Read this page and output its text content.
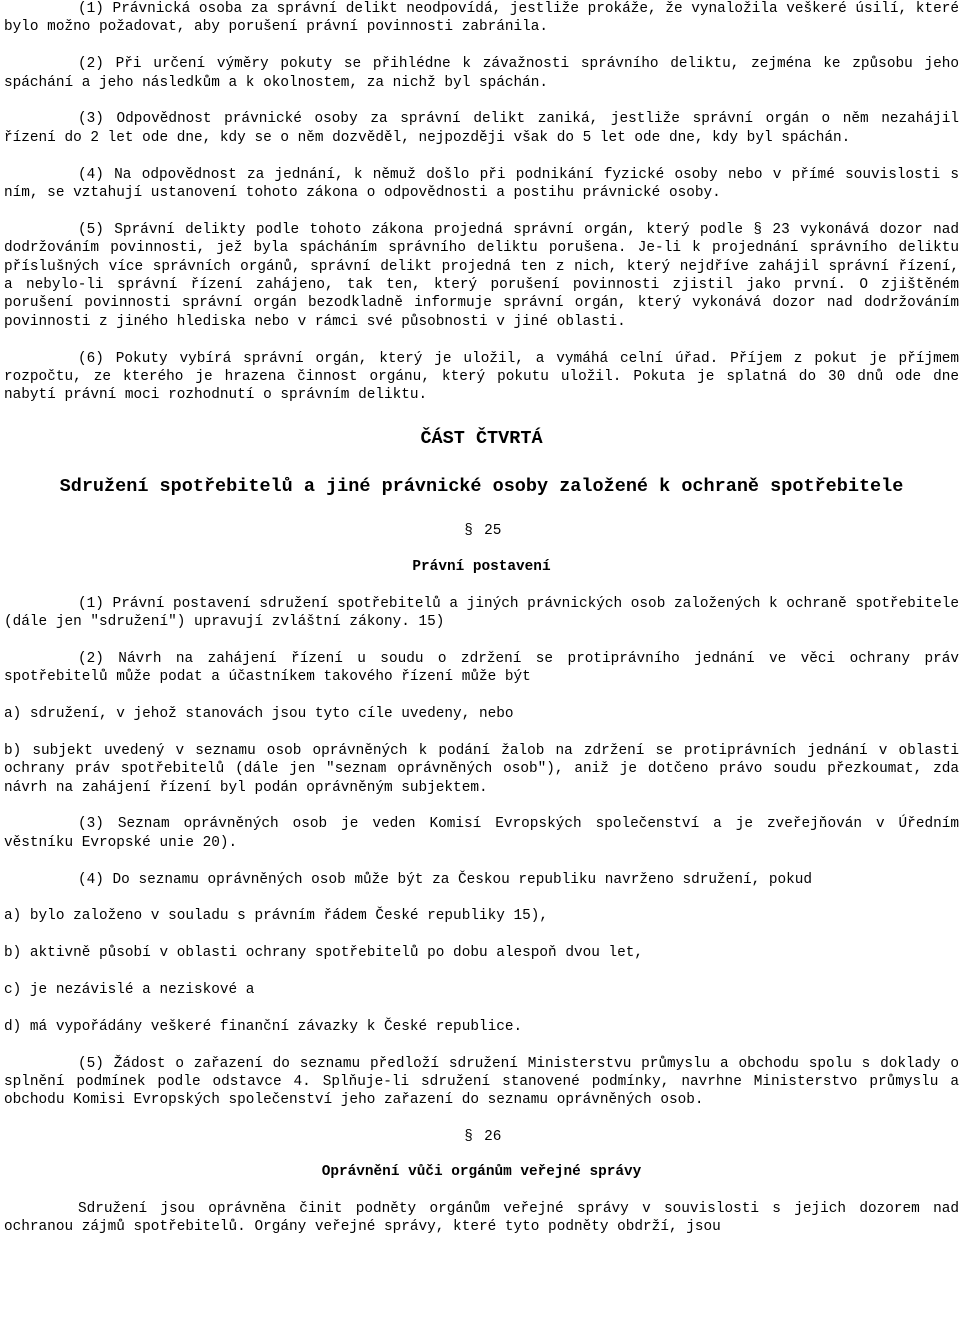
(1) Právnická osoba za správní delikt neodpovídá, jestliže prokáže, že vynaložila veškeré úsilí, které bylo možno požadovat, aby porušení právní povinnosti zabránila.

(2) Při určení výměry pokuty se přihlédne k závažnosti správního deliktu, zejména ke způsobu jeho spáchání a jeho následkům a k okolnostem, za nichž byl spáchán.

(3) Odpovědnost právnické osoby za správní delikt zaniká, jestliže správní orgán o něm nezahájil řízení do 2 let ode dne, kdy se o něm dozvěděl, nejpozději však do 5 let ode dne, kdy byl spáchán.

(4) Na odpovědnost za jednání, k němuž došlo při podnikání fyzické osoby nebo v přímé souvislosti s ním, se vztahují ustanovení tohoto zákona o odpovědnosti a postihu právnické osoby.

(5) Správní delikty podle tohoto zákona projedná správní orgán, který podle § 23 vykonává dozor nad dodržováním povinnosti, jež byla spácháním správního deliktu porušena. Je-li k projednání správního deliktu příslušných více správních orgánů, správní delikt projedná ten z nich, který nejdříve zahájil správní řízení, a nebylo-li správní řízení zahájeno, tak ten, který porušení povinnosti zjistil jako první. O zjištěném porušení povinnosti správní orgán bezodkladně informuje správní orgán, který vykonává dozor nad dodržováním povinnosti z jiného hlediska nebo v rámci své působnosti v jiné oblasti.

(6) Pokuty vybírá správní orgán, který je uložil, a vymáhá celní úřad. Příjem z pokut je příjmem rozpočtu, ze kterého je hrazena činnost orgánu, který pokutu uložil. Pokuta je splatná do 30 dnů ode dne nabytí právní moci rozhodnutí o správním deliktu.

ČÁST ČTVRTÁ

Sdružení spotřebitelů a jiné právnické osoby založené k ochraně spotřebitele

§ 25

Právní postavení

(1) Právní postavení sdružení spotřebitelů a jiných právnických osob založených k ochraně spotřebitele (dále jen "sdružení") upravují zvláštní zákony. 15)

(2) Návrh na zahájení řízení u soudu o zdržení se protiprávního jednání ve věci ochrany práv spotřebitelů může podat a účastníkem takového řízení může být

a) sdružení, v jehož stanovách jsou tyto cíle uvedeny, nebo

b) subjekt uvedený v seznamu osob oprávněných k podání žalob na zdržení se protiprávních jednání v oblasti ochrany práv spotřebitelů (dále jen "seznam oprávněných osob"), aniž je dotčeno právo soudu přezkoumat, zda návrh na zahájení řízení byl podán oprávněným subjektem.

(3) Seznam oprávněných osob je veden Komisí Evropských společenství a je zveřejňován v Úředním věstníku Evropské unie 20).

(4) Do seznamu oprávněných osob může být za Českou republiku navrženo sdružení, pokud

a) bylo založeno v souladu s právním řádem České republiky 15),

b) aktivně působí v oblasti ochrany spotřebitelů po dobu alespoň dvou let,

c) je nezávislé a neziskové a

d) má vypořádány veškeré finanční závazky k České republice.

(5) Žádost o zařazení do seznamu předloží sdružení Ministerstvu průmyslu a obchodu spolu s doklady o splnění podmínek podle odstavce 4. Splňuje-li sdružení stanovené podmínky, navrhne Ministerstvo průmyslu a obchodu Komisi Evropských společenství jeho zařazení do seznamu oprávněných osob.

§ 26

Oprávnění vůči orgánům veřejné správy

Sdružení jsou oprávněna činit podněty orgánům veřejné správy v souvislosti s jejich dozorem nad ochranou zájmů spotřebitelů. Orgány veřejné správy, které tyto podněty obdrží, jsou
